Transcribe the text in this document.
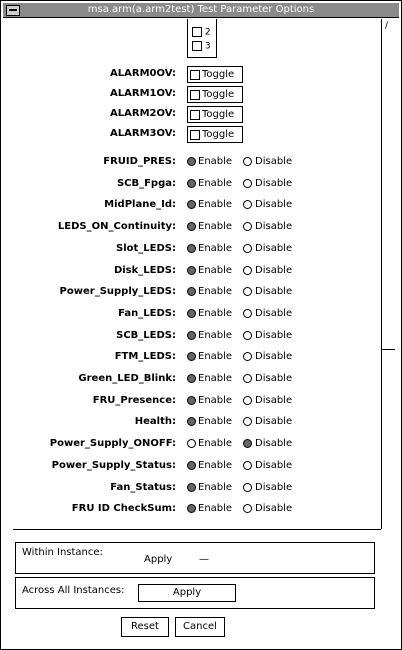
msa.arm(a.arm2test) Test Parameter Options
/
2
3
ALARM0OV:	Toggle
ALARM1OV:	Toggle
ALARM2OV:	Toggle
ALARM3OV:	Toggle
FRUID_PRES: Enable Disable
SCB_Fpga: Enable Disable
MidPlane_Id: Enable Disable
LEDS_ON_Continuity: Enable Disable
Slot_LEDS: Enable Disable
Disk_LEDS: Enable Disable
Power_Supply_LEDS: Enable Disable
Fan_LEDS: Enable Disable
SCB_LEDS: Enable Disable
FTM_LEDS: Enable Disable
Green_LED_Blink: Enable Disable
FRU_Presence: Enable Disable
Health: Enable Disable
Power_Supply_ONOFF: Enable Disable
Power_Supply_Status: Enable Disable
Fan_Status: Enable Disable
FRU ID CheckSum: Enable Disable
Within Instance:
Apply	—
Across All Instances:	Apply
Reset	Cancel
